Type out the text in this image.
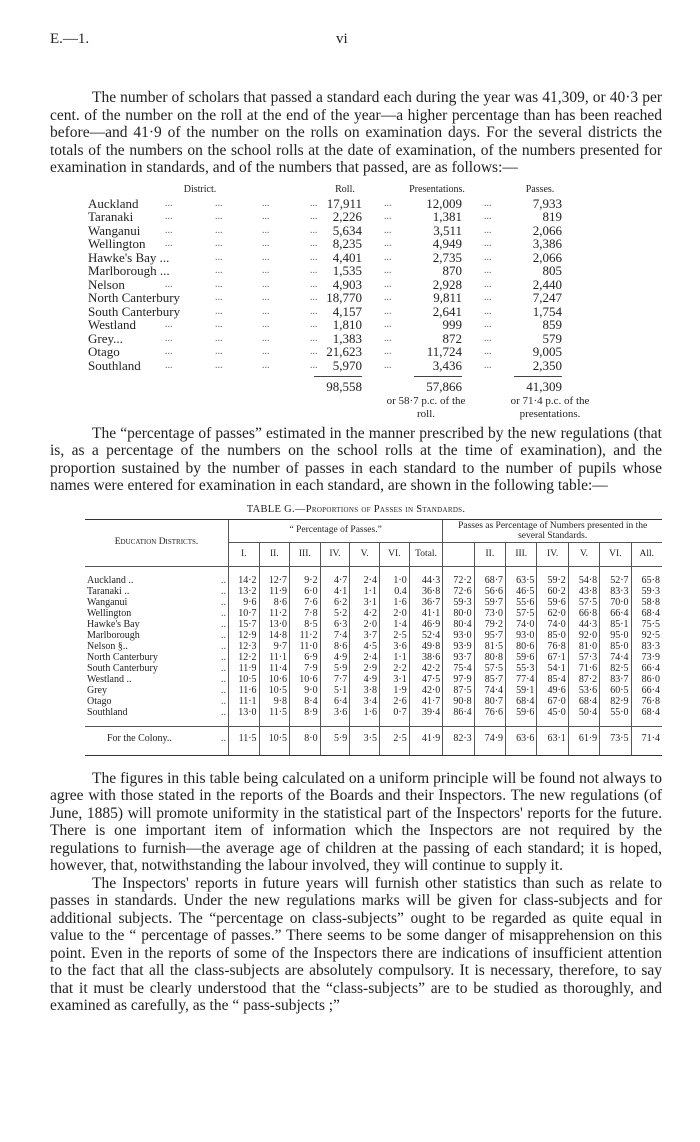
E.—1.	vi

The number of scholars that passed a standard each during the year was 41,309, or 40·3 per cent. of the number on the roll at the end of the year—a higher percentage than has been reached before—and 41·9 of the number on the rolls on examination days. For the several districts the totals of the numbers on the school rolls at the date of examination, of the numbers presented for examination in standards, and of the numbers that passed, are as follows:—

District.	Roll.	Presentations.	Passes.
Auckland	...	...	...	... 17,911 ...	12,009 ...	7,933
Taranaki	...	...	...	...	2,226 ...	1,381 ...	819
Wanganui ...	...	...	...	5,634 ...	3,511 ...	2,066
Wellington ...	...	...	...	8,235 ...	4,949 ...	3,386
Hawke's Bay ...	...	...	...	4,401 ...	2,735 ...	2,066
Marlborough ...	...	...	...	1,535 ...	870 ...	805
Nelson	...	...	...	...	4,903 ...	2,928 ...	2,440
North Canterbury	...	...	... 18,770 ...	9,811 ...	7,247
South Canterbury	...	...	...	4,157 ...	2,641 ...	1,754
Westland	...	...	...	...	1,810 ...	999 ...	859
Grey...	...	...	...	...	1,383 ...	872 ...	579
Otago	...	...	...	... 21,623 ...	11,724 ...	9,005
Southland ...	...	...	...	5,970 ...	3,436 ...	2,350
98,558	57,866	41,309
or 58·7 p.c. of the
roll.
or 71·4 p.c. of the
presentations.

The “percentage of passes” estimated in the manner prescribed by the new regulations (that is, as a percentage of the numbers on the school rolls at the time of examination), and the proportion sustained by the number of passes in each standard to the number of pupils whose names were entered for examination in each standard, are shown in the following table:—

TABLE G.—Proportions of Passes in Standards.
Education Districts.	“ Percentage of Passes.”							Passes as Percentage of Numbers presented in the several Standards.						
	I.	II.	III.	IV.	V.	VI.	Total.		II.	III.	IV.	V.	VI.	All.

Auckland .. ..	14·2	12·7	9·2	4·7	2·4	1·0	44·3	72·2	68·7	63·5	59·2	54·8	52·7	65·8

Taranaki .. ..	13·2	11·9	6·0	4·1	1·1	0.4	36·8	72·6	56·6	46·5	60·2	43·8	83·3	59·3

Wanganui ..	9·6	8·6	7·6	6·2	3·1	1·6	36·7	59·3	59·7	55·6	59·6	57·5	70·0	58·8

Wellington ..	10·7	11·2	7·8	5·2	4·2	2·0	41·1	80·0	73·0	57·5	62·0	66·8	66·4	68·4

Hawke's Bay ..	15·7	13·0	8·5	6·3	2·0	1·4	46·9	80·4	79·2	74·0	74·0	44·3	85·1	75·5

Marlborough ..	12·9	14·8	11·2	7·4	3·7	2·5	52·4	93·0	95·7	93·0	85·0	92·0	95·0	92·5

Nelson §.. ..	12·3	9·7	11·0	8·6	4·5	3·6	49·8	93·9	81·5	80·6	76·8	81·0	85·0	83·3

North Canterbury ..	12·2	11·1	6·9	4·9	2·4	1·1	38·6	93·7	80·8	59·6	67·1	57·3	74·4	73·9

South Canterbury ..	11·9	11·4	7·9	5·9	2·9	2·2	42·2	75·4	57·5	55·3	54·1	71·6	82·5	66·4

Westland .. ..	10·5	10·6	10·6	7·7	4·9	3·1	47·5	97·9	85·7	77·4	85·4	87·2	83·7	86·0

Grey ..	11·6	10·5	9·0	5·1	3·8	1·9	42·0	87·5	74·4	59·1	49·6	53·6	60·5	66·4

Otago ..	11·1	9·8	8·4	6·4	3·4	2·6	41·7	90·8	80·7	68·4	67·0	68·4	82·9	76·8

Southland ..	13·0	11·5	8·9	3·6	1·6	0·7	39·4	86·4	76·6	59·6	45·0	50·4	55·0	68·4

For the Colony.. ..	11·5	10·5	8·0	5·9	3·5	2·5	41·9	82·3	74·9	63·6	63·1	61·9	73·5	71·4

The figures in this table being calculated on a uniform principle will be found not always to agree with those stated in the reports of the Boards and their Inspectors. The new regulations (of June, 1885) will promote uniformity in the statistical part of the Inspectors' reports for the future. There is one important item of information which the Inspectors are not required by the regulations to furnish—the average age of children at the passing of each standard; it is hoped, however, that, notwithstanding the labour involved, they will continue to supply it.

The Inspectors' reports in future years will furnish other statistics than such as relate to passes in standards. Under the new regulations marks will be given for class-subjects and for additional subjects. The “percentage on class-subjects” ought to be regarded as quite equal in value to the “ percentage of passes.” There seems to be some danger of misapprehension on this point. Even in the reports of some of the Inspectors there are indications of insufficient attention to the fact that all the class-subjects are absolutely compulsory. It is necessary, therefore, to say that it must be clearly understood that the “class-subjects” are to be studied as thoroughly, and examined as carefully, as the “ pass-subjects ;”
